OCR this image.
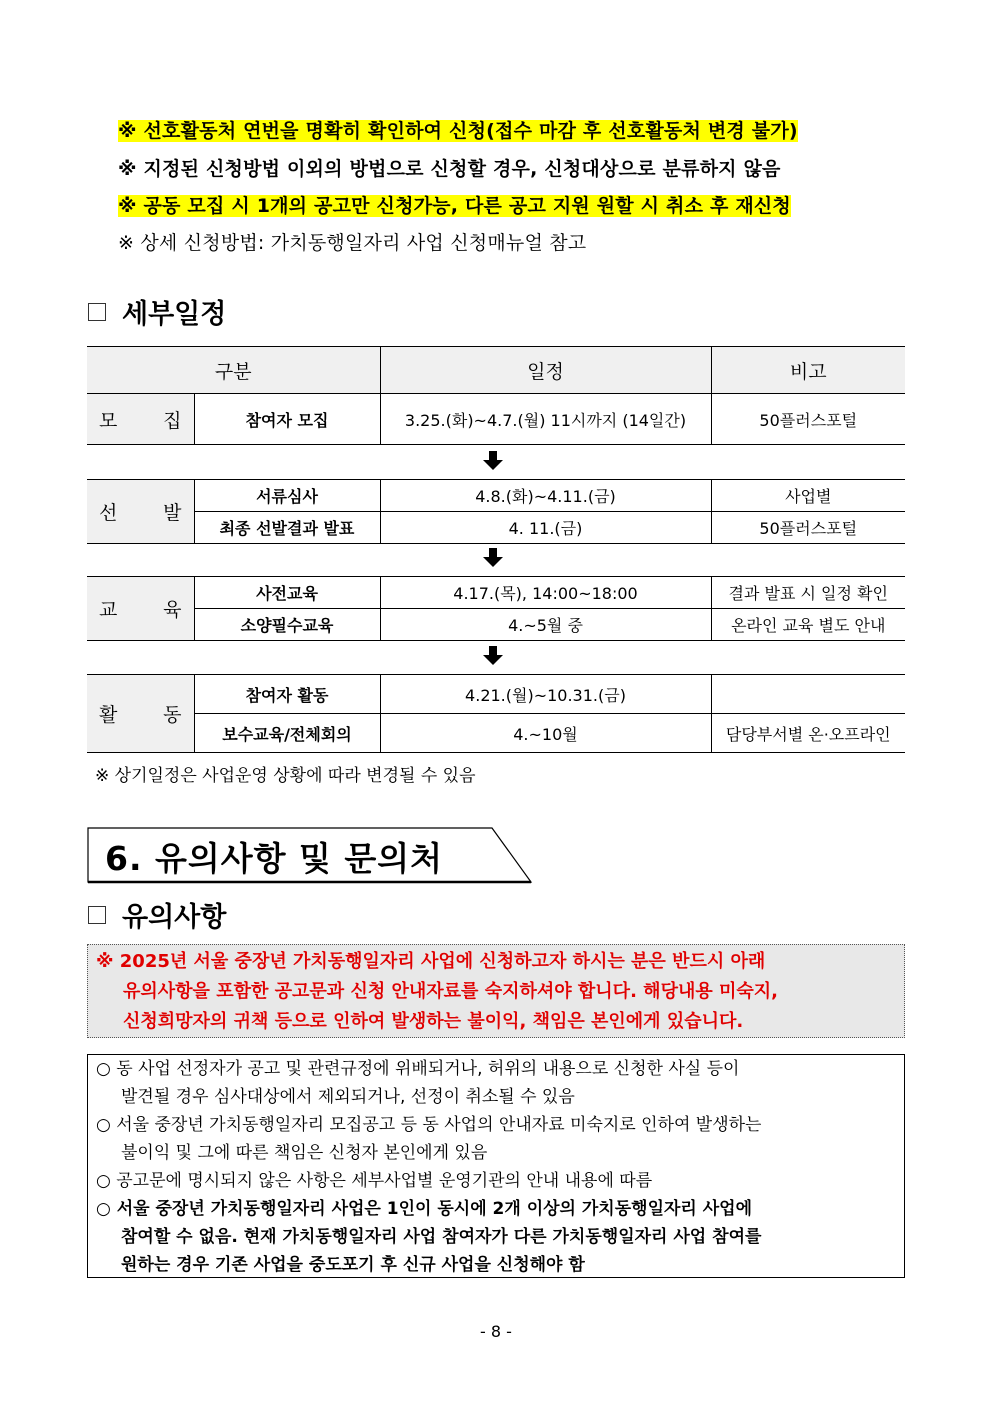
※ 선호활동처 연번을 명확히 확인하여 신청(접수 마감 후 선호활동처 변경 불가)
※ 지정된 신청방법 이외의 방법으로 신청할 경우, 신청대상으로 분류하지 않음
※ 공동 모집 시 1개의 공고만 신청가능, 다른 공고 지원 원할 시 취소 후 재신청
※ 상세 신청방법: 가치동행일자리 사업 신청매뉴얼 참고
세부일정
구분		일정	비고

모 집	참여자 모집	3.25.(화)~4.7.(월) 11시까지 (14일간)	50플러스포털
선 발	서류심사	4.8.(화)~4.11.(금)	사업별
	최종 선발결과 발표	4. 11.(금)	50플러스포털
교 육	사전교육	4.17.(목), 14:00~18:00	결과 발표 시 일정 확인
	소양필수교육	4.~5월 중	온라인 교육 별도 안내
활 동	참여자 활동	4.21.(월)~10.31.(금)	
	보수교육/전체회의	4.~10월	담당부서별 온·오프라인
※ 상기일정은 사업운영 상황에 따라 변경될 수 있음
6. 유의사항 및 문의처
유의사항
※ 2025년 서울 중장년 가치동행일자리 사업에 신청하고자 하시는 분은 반드시 아래
유의사항을 포함한 공고문과 신청 안내자료를 숙지하셔야 합니다. 해당내용 미숙지,
신청희망자의 귀책 등으로 인하여 발생하는 불이익, 책임은 본인에게 있습니다.
○ 동 사업 선정자가 공고 및 관련규정에 위배되거나, 허위의 내용으로 신청한 사실 등이
발견될 경우 심사대상에서 제외되거나, 선정이 취소될 수 있음
○ 서울 중장년 가치동행일자리 모집공고 등 동 사업의 안내자료 미숙지로 인하여 발생하는
불이익 및 그에 따른 책임은 신청자 본인에게 있음
○ 공고문에 명시되지 않은 사항은 세부사업별 운영기관의 안내 내용에 따름
○ 서울 중장년 가치동행일자리 사업은 1인이 동시에 2개 이상의 가치동행일자리 사업에
참여할 수 없음. 현재 가치동행일자리 사업 참여자가 다른 가치동행일자리 사업 참여를
원하는 경우 기존 사업을 중도포기 후 신규 사업을 신청해야 함
- 8 -
